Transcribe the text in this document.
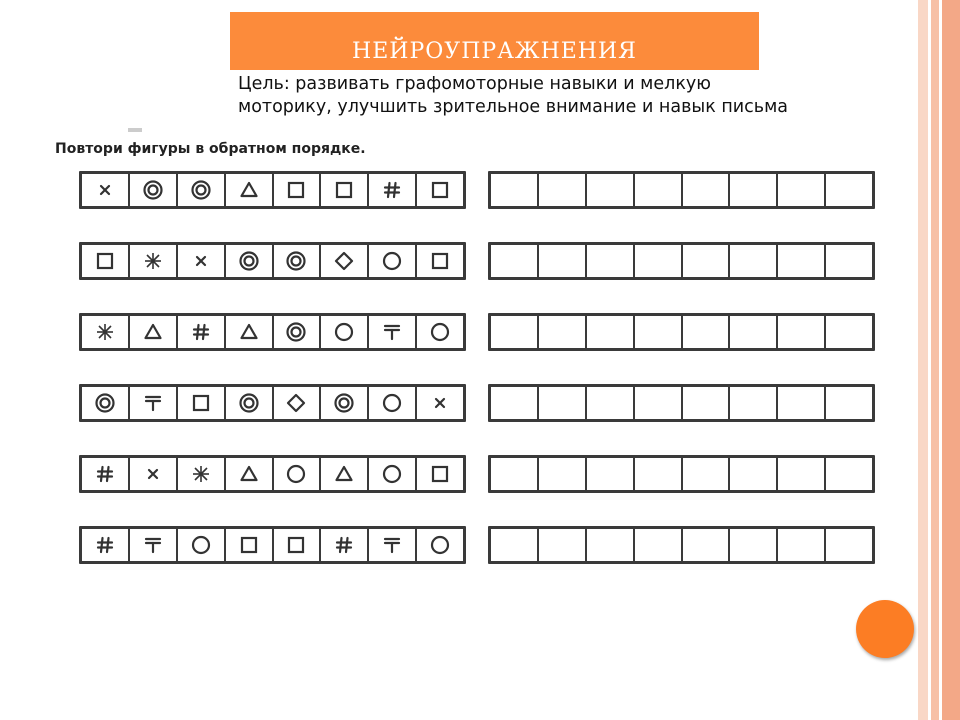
НЕЙРОУПРАЖНЕНИЯ
Цель: развивать графомоторные навыки и мелкую моторику, улучшить зрительное внимание и навык письма
Повтори фигуры в обратном порядке.
